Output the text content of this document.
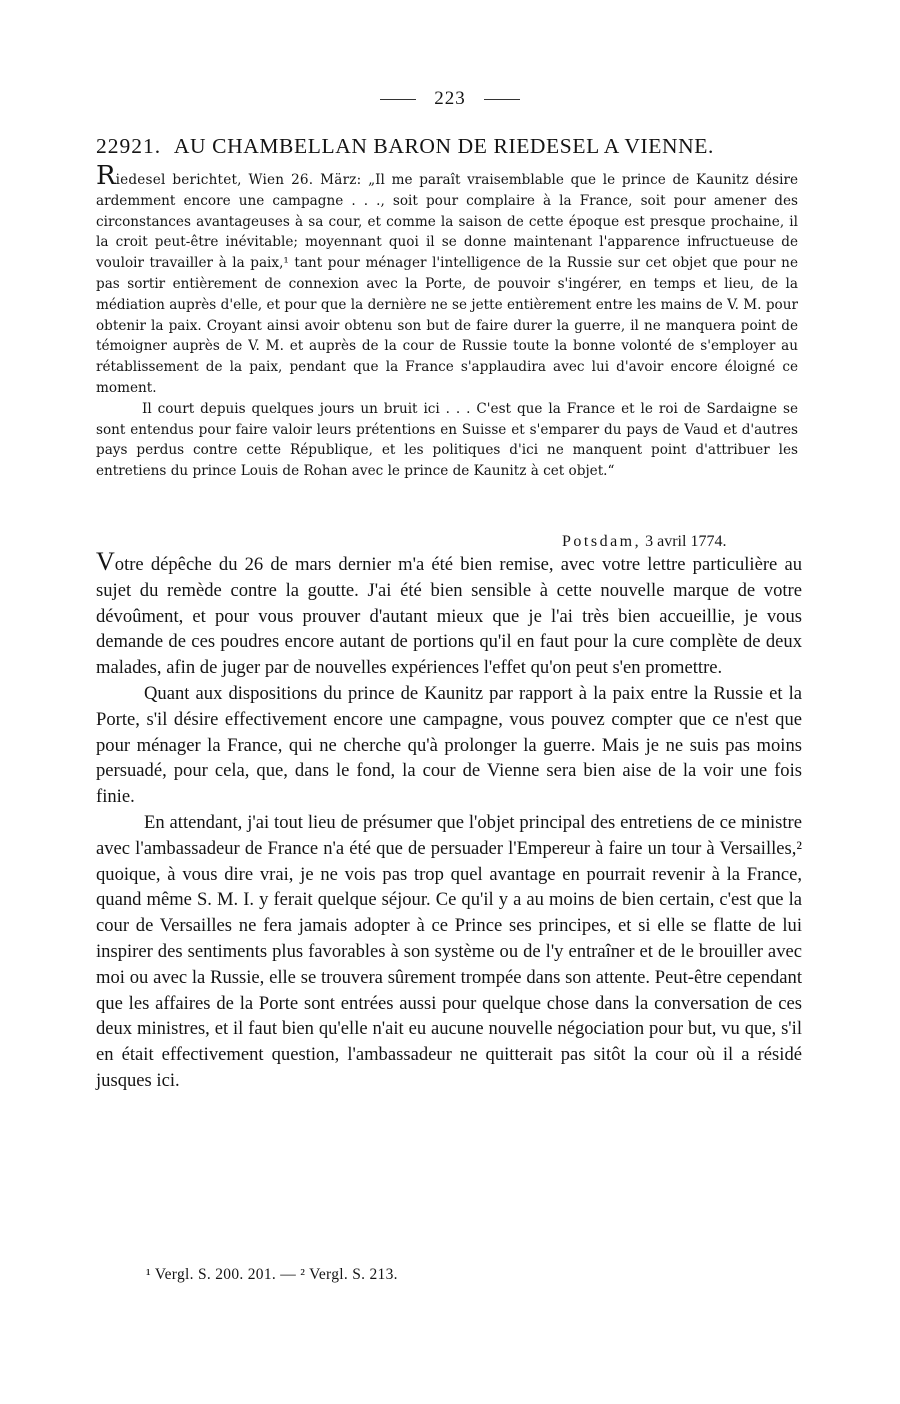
223
22921. AU CHAMBELLAN BARON DE RIEDESEL A VIENNE.

Riedesel berichtet, Wien 26. März: „Il me paraît vraisemblable que le prince de Kaunitz désire ardemment encore une campagne . . ., soit pour complaire à la France, soit pour amener des circonstances avantageuses à sa cour, et comme la saison de cette époque est presque prochaine, il la croit peut-être inévitable; moyennant quoi il se donne maintenant l'apparence infructueuse de vouloir travailler à la paix,¹ tant pour ménager l'intelligence de la Russie sur cet objet que pour ne pas sortir entièrement de connexion avec la Porte, de pouvoir s'ingérer, en temps et lieu, de la médiation auprès d'elle, et pour que la dernière ne se jette entièrement entre les mains de V. M. pour obtenir la paix. Croyant ainsi avoir obtenu son but de faire durer la guerre, il ne manquera point de témoigner auprès de V. M. et auprès de la cour de Russie toute la bonne volonté de s'employer au rétablissement de la paix, pendant que la France s'applaudira avec lui d'avoir encore éloigné ce moment.

Il court depuis quelques jours un bruit ici . . . C'est que la France et le roi de Sardaigne se sont entendus pour faire valoir leurs prétentions en Suisse et s'emparer du pays de Vaud et d'autres pays perdus contre cette République, et les politiques d'ici ne manquent point d'attribuer les entretiens du prince Louis de Rohan avec le prince de Kaunitz à cet objet.“

Potsdam, 3 avril 1774.

Votre dépêche du 26 de mars dernier m'a été bien remise, avec votre lettre particulière au sujet du remède contre la goutte. J'ai été bien sensible à cette nouvelle marque de votre dévoûment, et pour vous prouver d'autant mieux que je l'ai très bien accueillie, je vous demande de ces poudres encore autant de portions qu'il en faut pour la cure complète de deux malades, afin de juger par de nouvelles expériences l'effet qu'on peut s'en promettre.

Quant aux dispositions du prince de Kaunitz par rapport à la paix entre la Russie et la Porte, s'il désire effectivement encore une campagne, vous pouvez compter que ce n'est que pour ménager la France, qui ne cherche qu'à prolonger la guerre. Mais je ne suis pas moins persuadé, pour cela, que, dans le fond, la cour de Vienne sera bien aise de la voir une fois finie.

En attendant, j'ai tout lieu de présumer que l'objet principal des entretiens de ce ministre avec l'ambassadeur de France n'a été que de persuader l'Empereur à faire un tour à Versailles,² quoique, à vous dire vrai, je ne vois pas trop quel avantage en pourrait revenir à la France, quand même S. M. I. y ferait quelque séjour. Ce qu'il y a au moins de bien certain, c'est que la cour de Versailles ne fera jamais adopter à ce Prince ses principes, et si elle se flatte de lui inspirer des sentiments plus favorables à son système ou de l'y entraîner et de le brouiller avec moi ou avec la Russie, elle se trouvera sûrement trompée dans son attente. Peut-être cependant que les affaires de la Porte sont entrées aussi pour quelque chose dans la conversation de ces deux ministres, et il faut bien qu'elle n'ait eu aucune nouvelle négociation pour but, vu que, s'il en était effectivement question, l'ambassadeur ne quitterait pas sitôt la cour où il a résidé jusques ici.

¹ Vergl. S. 200. 201. — ² Vergl. S. 213.
